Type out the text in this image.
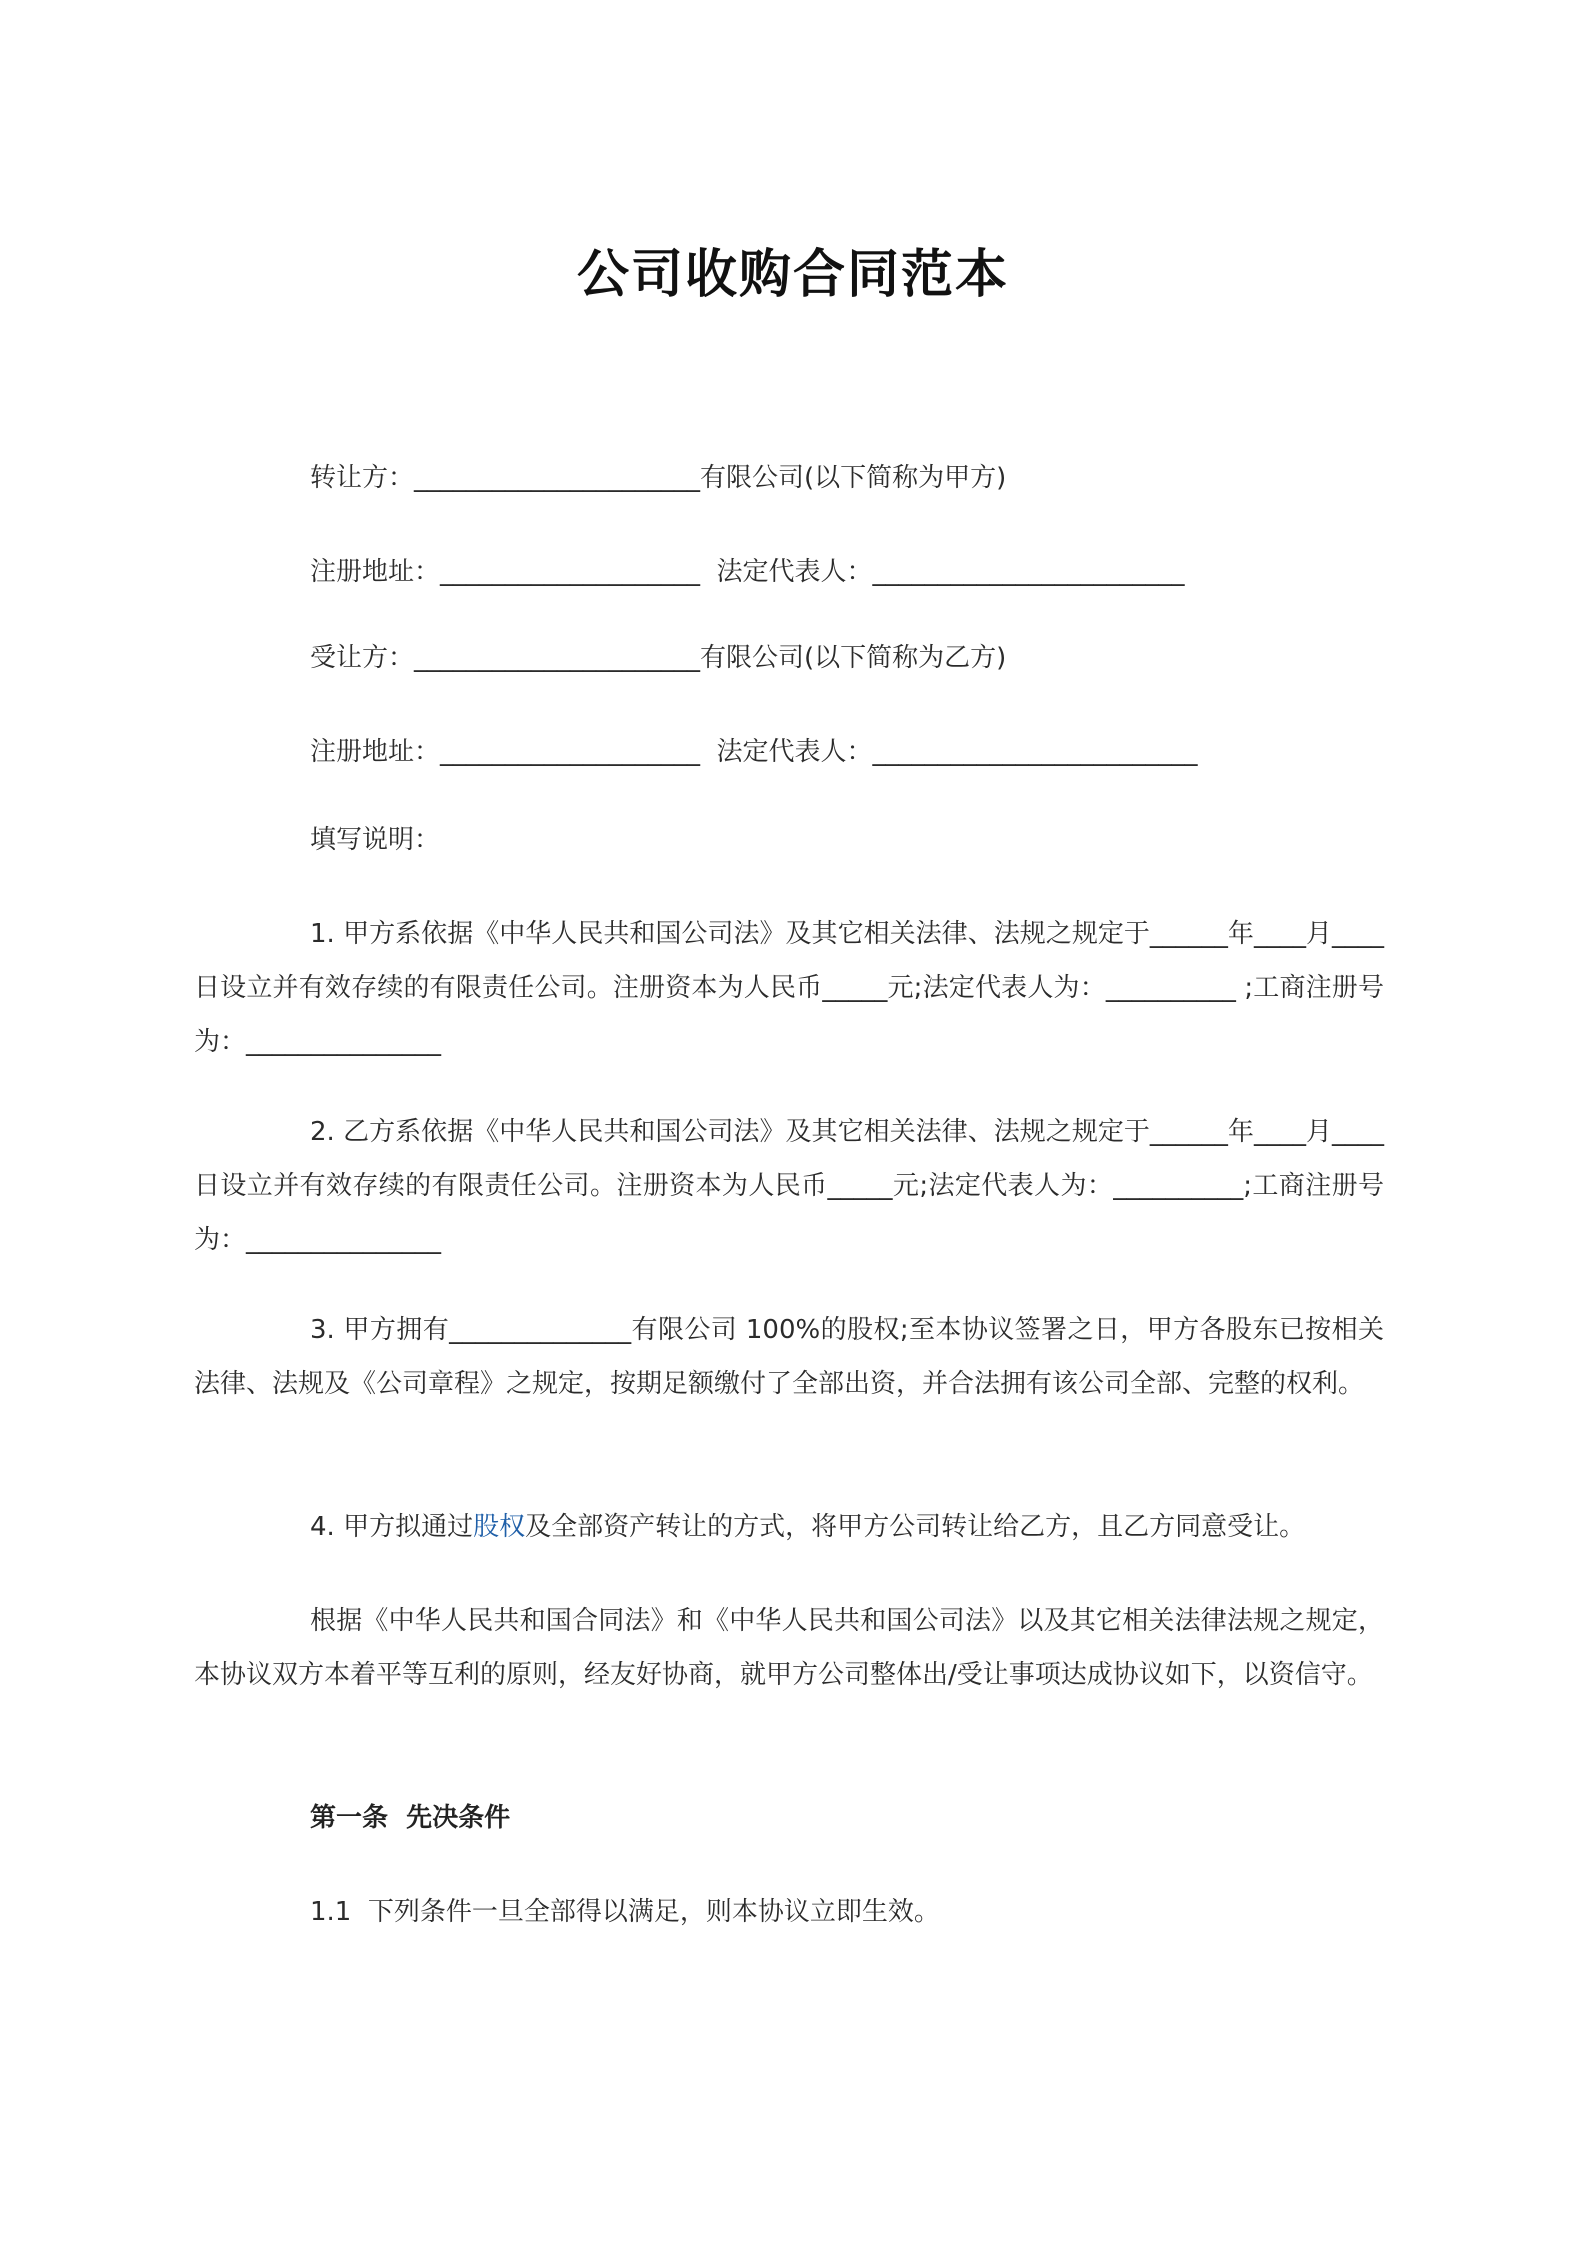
公司收购合同范本
转让方：______________________有限公司(以下简称为甲方)
注册地址：____________________  法定代表人：________________________
受让方：______________________有限公司(以下简称为乙方)
注册地址：____________________  法定代表人：_________________________
填写说明：
1. 甲方系依据《中华人民共和国公司法》及其它相关法律、法规之规定于______年____月____日设立并有效存续的有限责任公司。注册资本为人民币_____元;法定代表人为：__________ ;工商注册号为：_______________
2. 乙方系依据《中华人民共和国公司法》及其它相关法律、法规之规定于______年____月____日设立并有效存续的有限责任公司。注册资本为人民币_____元;法定代表人为：__________;工商注册号为：_______________
3. 甲方拥有______________有限公司 100%的股权;至本协议签署之日，甲方各股东已按相关法律、法规及《公司章程》之规定，按期足额缴付了全部出资，并合法拥有该公司全部、完整的权利。
4. 甲方拟通过股权及全部资产转让的方式，将甲方公司转让给乙方，且乙方同意受让。
根据《中华人民共和国合同法》和《中华人民共和国公司法》以及其它相关法律法规之规定，本协议双方本着平等互利的原则，经友好协商，就甲方公司整体出/受让事项达成协议如下，以资信守。
第一条  先决条件
1.1  下列条件一旦全部得以满足，则本协议立即生效。
